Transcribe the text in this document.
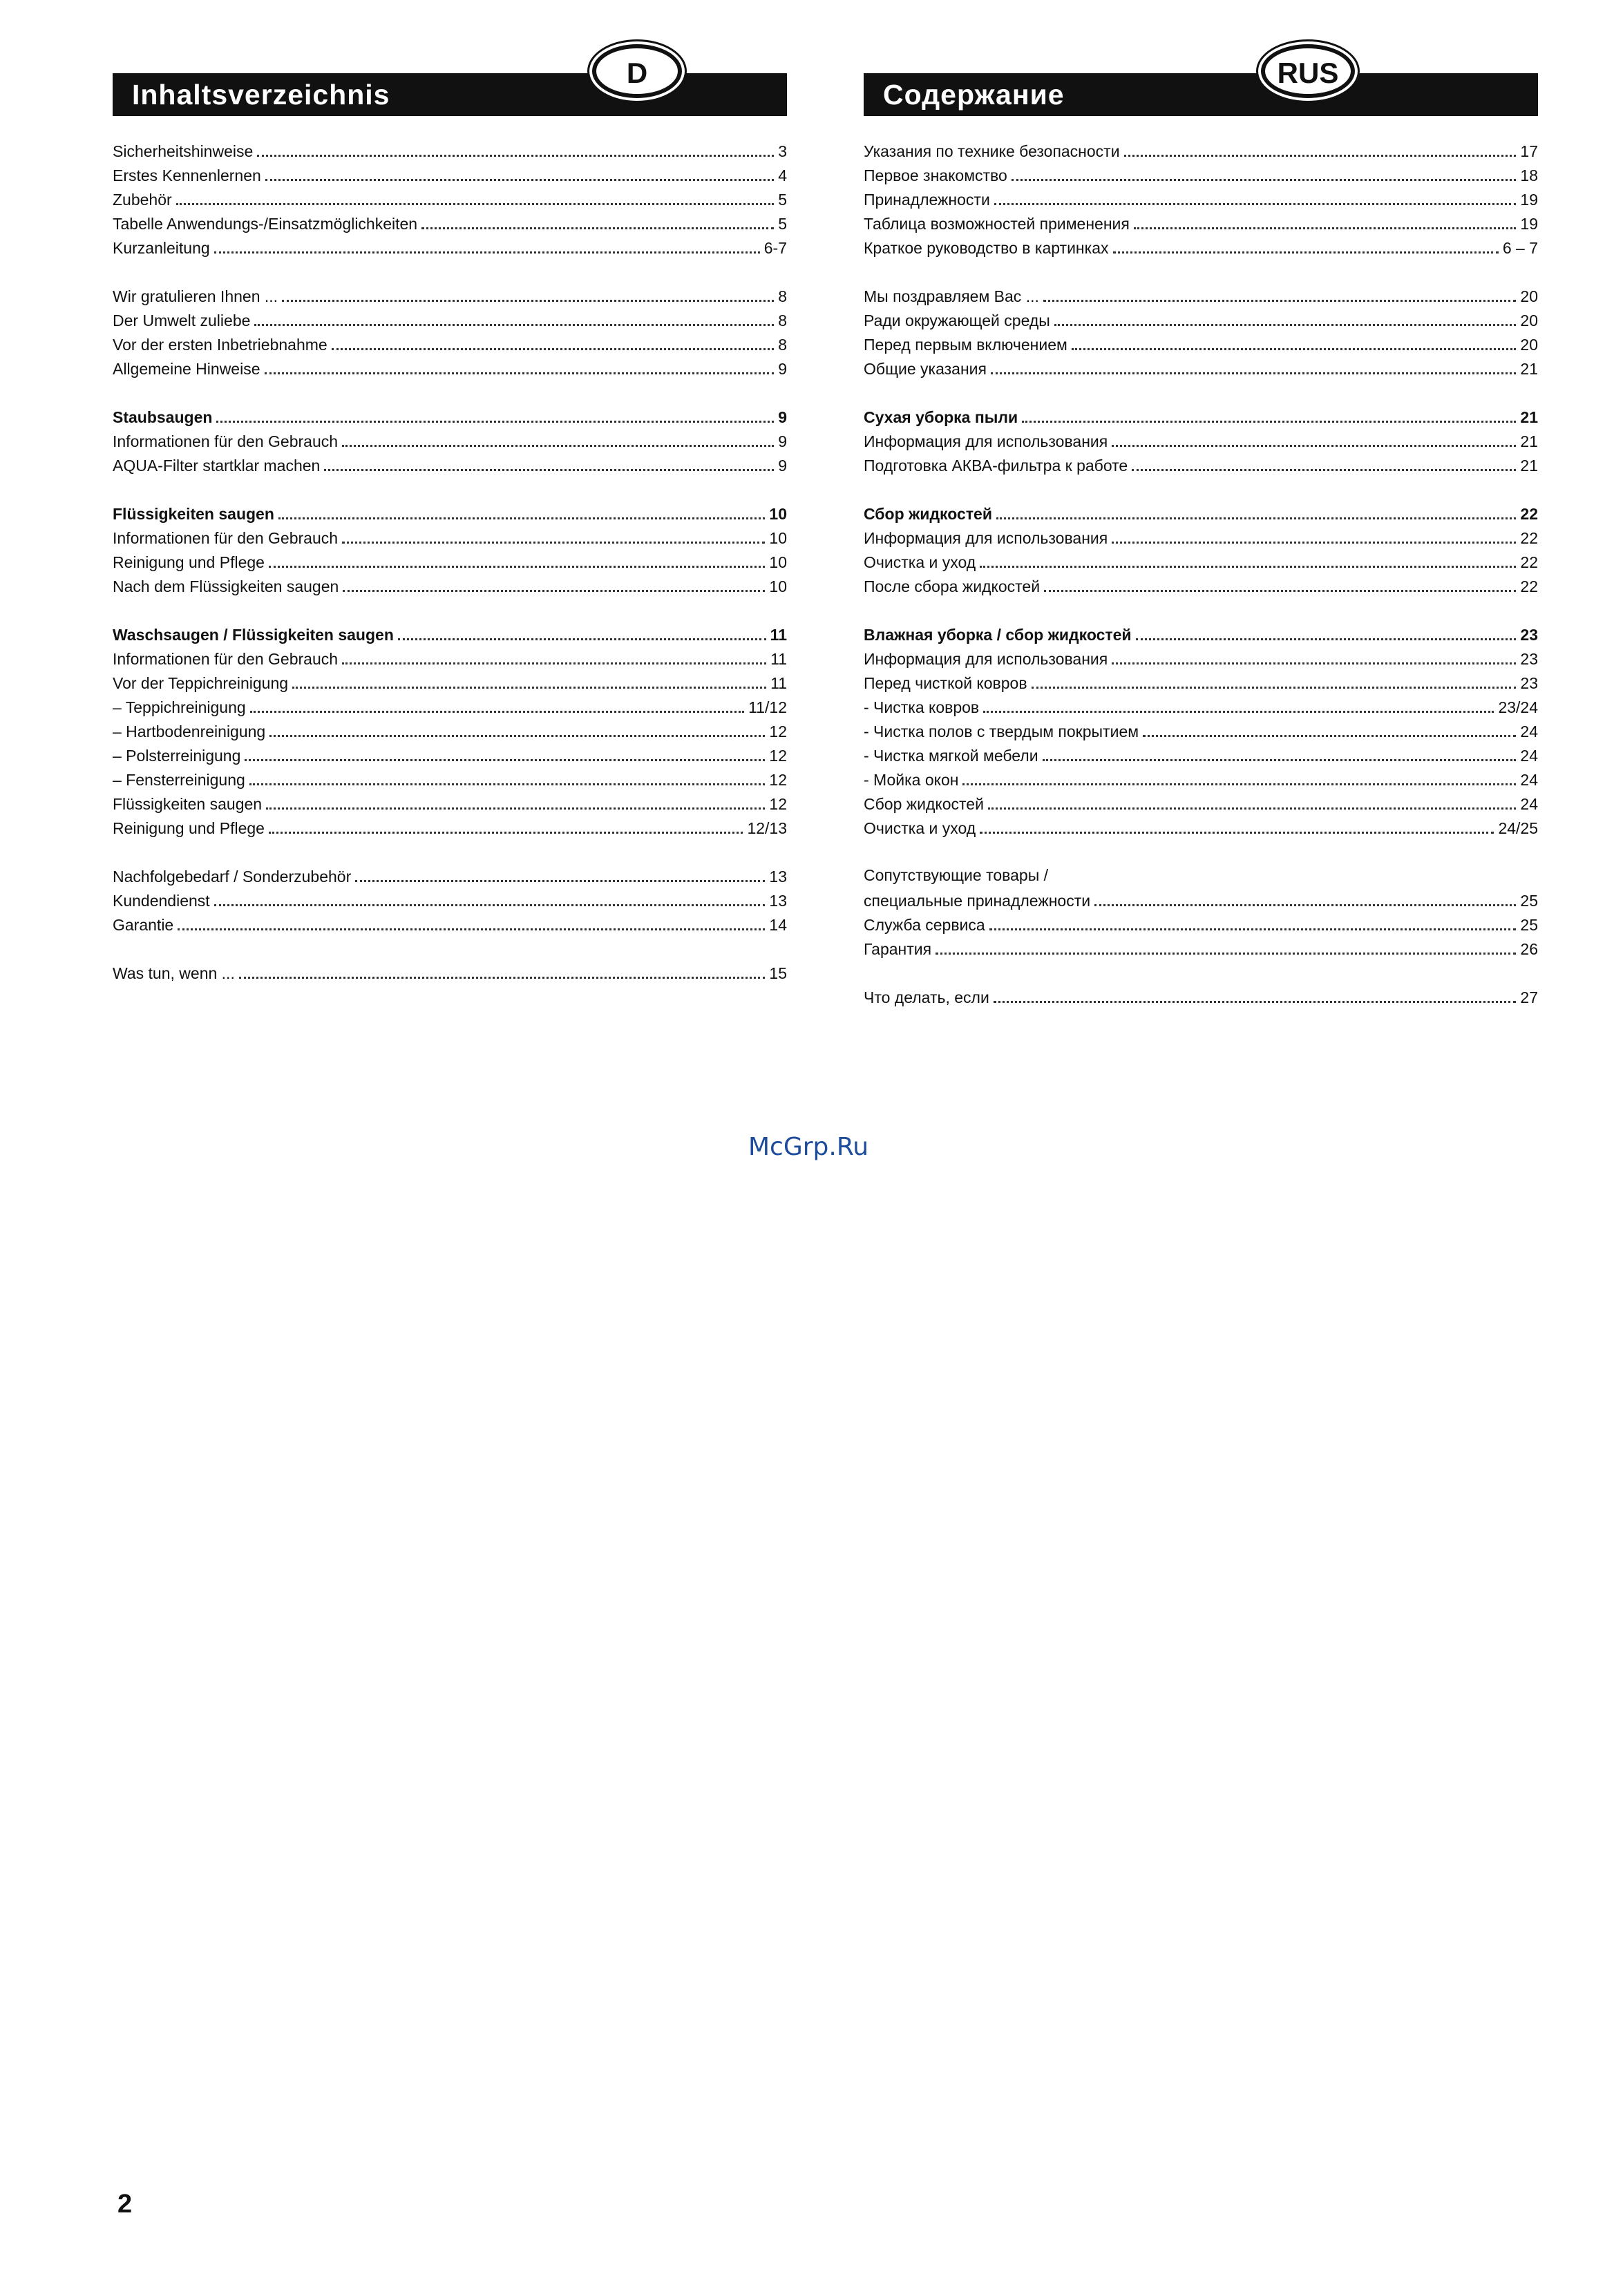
Inhaltsverzeichnis
D
Sicherheitshinweise	3
Erstes Kennenlernen	4
Zubehör	5
Tabelle Anwendungs-/Einsatzmöglichkeiten	5
Kurzanleitung	6-7
Wir gratulieren Ihnen ...	8
Der Umwelt zuliebe	8
Vor der ersten Inbetriebnahme	8
Allgemeine Hinweise	9
Staubsaugen	9
Informationen für den Gebrauch	9
AQUA-Filter startklar machen	9
Flüssigkeiten saugen	10
Informationen für den Gebrauch	10
Reinigung und Pflege	10
Nach dem Flüssigkeiten saugen	10
Waschsaugen / Flüssigkeiten saugen	11
Informationen für den Gebrauch	11
Vor der Teppichreinigung	11
– Teppichreinigung	11/12
– Hartbodenreinigung	12
– Polsterreinigung	12
– Fensterreinigung	12
Flüssigkeiten saugen	12
Reinigung und Pflege	12/13
Nachfolgebedarf / Sonderzubehör	13
Kundendienst	13
Garantie	14
Was tun, wenn ...	15
Содержание
RUS
Указания по технике безопасности	17
Первое знакомство	18
Принадлежности	19
Таблица возможностей применения	19
Краткое руководство в картинках	6 – 7
Мы поздравляем Вас ...	20
Ради окружающей среды	20
Перед первым включением	20
Общие указания	21
Сухая уборка пыли	21
Информация для использования	21
Подготовка АКВА-фильтра к работе	21
Сбор жидкостей	22
Информация для использования	22
Очистка и уход	22
После сбора жидкостей	22
Влажная уборка / сбор жидкостей	23
Информация для использования	23
Перед чисткой ковров	23
- Чистка ковров	23/24
- Чистка полов с твердым покрытием	24
- Чистка мягкой мебели	24
- Мойка окон	24
Сбор жидкостей	24
Очистка и уход	24/25
Сопутствующие товары /
специальные принадлежности	25
Служба сервиса	25
Гарантия	26
Что делать, если	27
McGrp.Ru
2
